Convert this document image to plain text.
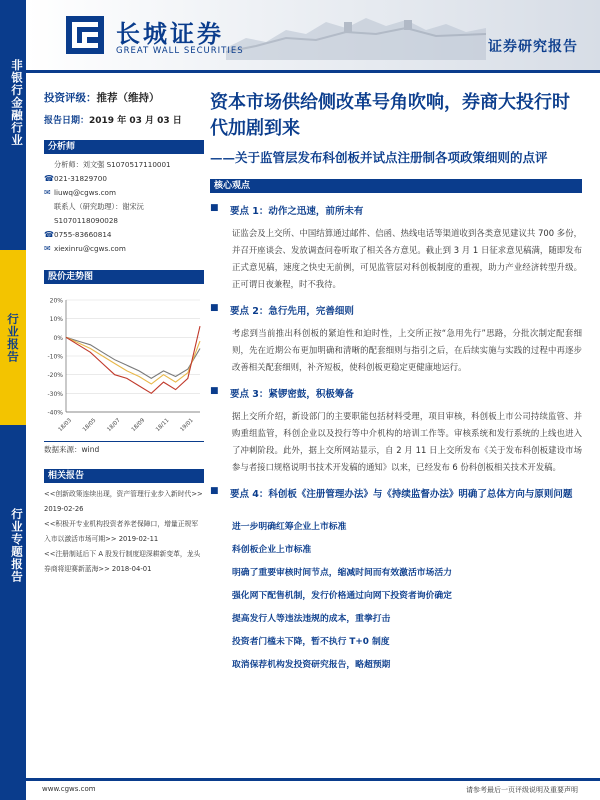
非银行金融行业
行业报告
行业专题报告
长城证券
GREAT WALL SECURITIES	证券研究报告
投资评级：推荐（维持）
报告日期：2019 年 03 月 03 日
分析师
分析师：刘文强 S1070517110001
☎ 021-31829700
✉ liuwq@cgws.com
联系人（研究助理）：谢宋沅
S1070118090028
☎ 0755-83660814
✉ xiexinru@cgws.com
股价走势图
-40%
-30%
-20%
-10%
0%
10%
20%
18/03 18/05 18/07 18/09 18/11 19/01
数据来源：wind
相关报告
<<创新政策连续出现，资产管理行业步入新时代>> 2019-02-26
<<积极开专业机构投资者养老保障口，增量正规军入市以激活市场可期>> 2019-02-11
<<注册制延后下 A 股发行制度迎深耕新变革，龙头券商将迎赛新蓝海>> 2018-04-01
资本市场供给侧改革号角吹响，券商大投行时代加剧到来
——关于监管层发布科创板并试点注册制各项政策细则的点评
核心观点
■	要点 1：动作之迅速，前所未有
证监会及上交所、中国结算通过邮件、信函、热线电话等渠道收到各类意见建议共 700 多份，并召开座谈会、发放调查问卷听取了相关各方意见。截止到 3 月 1 日征求意见稿满，随即发布正式意见稿，速度之快史无前例，可见监管层对科创板制度的重视，助力产业经济转型升级。正可谓日夜兼程，时不我待。
■	要点 2：急行先用，完善细则
考虑到当前推出科创板的紧迫性和迫时性，上交所正按“急用先行”思路，分批次制定配套细则，先在近期公布更加明确和清晰的配套细则与指引之后，在后续实施与实践的过程中再逐步改善相关配套细则，补齐短板，使科创板更稳定更健康地运行。
■	要点 3：紧锣密鼓，积极筹备
据上交所介绍，新设部门的主要职能包括材料受理，项目审核，科创板上市公司持续监管、并购重组监管，科创企业以及投行等中介机构的培训工作等。审核系统和发行系统的上线也进入了冲刺阶段。此外，据上交所网站显示，自 2 月 11 日上交所发布《关于发布科创板建设市场参与者接口规格说明书技术开发稿的通知》以来，已经发布 6 份科创板相关技术开发稿。
■	要点 4：科创板《注册管理办法》与《持续监督办法》明确了总体方向与原则问题
进一步明确红筹企业上市标准
科创板企业上市标准
明确了重要审核时间节点，缩减时间而有效激活市场活力
强化网下配售机制，发行价格通过向网下投资者询价确定
提高发行人等违法违规的成本，重拳打击
投资者门槛未下降，暂不执行 T+0 制度
取消保荐机构发投资研究报告，略超预期
www.cgws.com	请参考最后一页评级说明及重要声明
